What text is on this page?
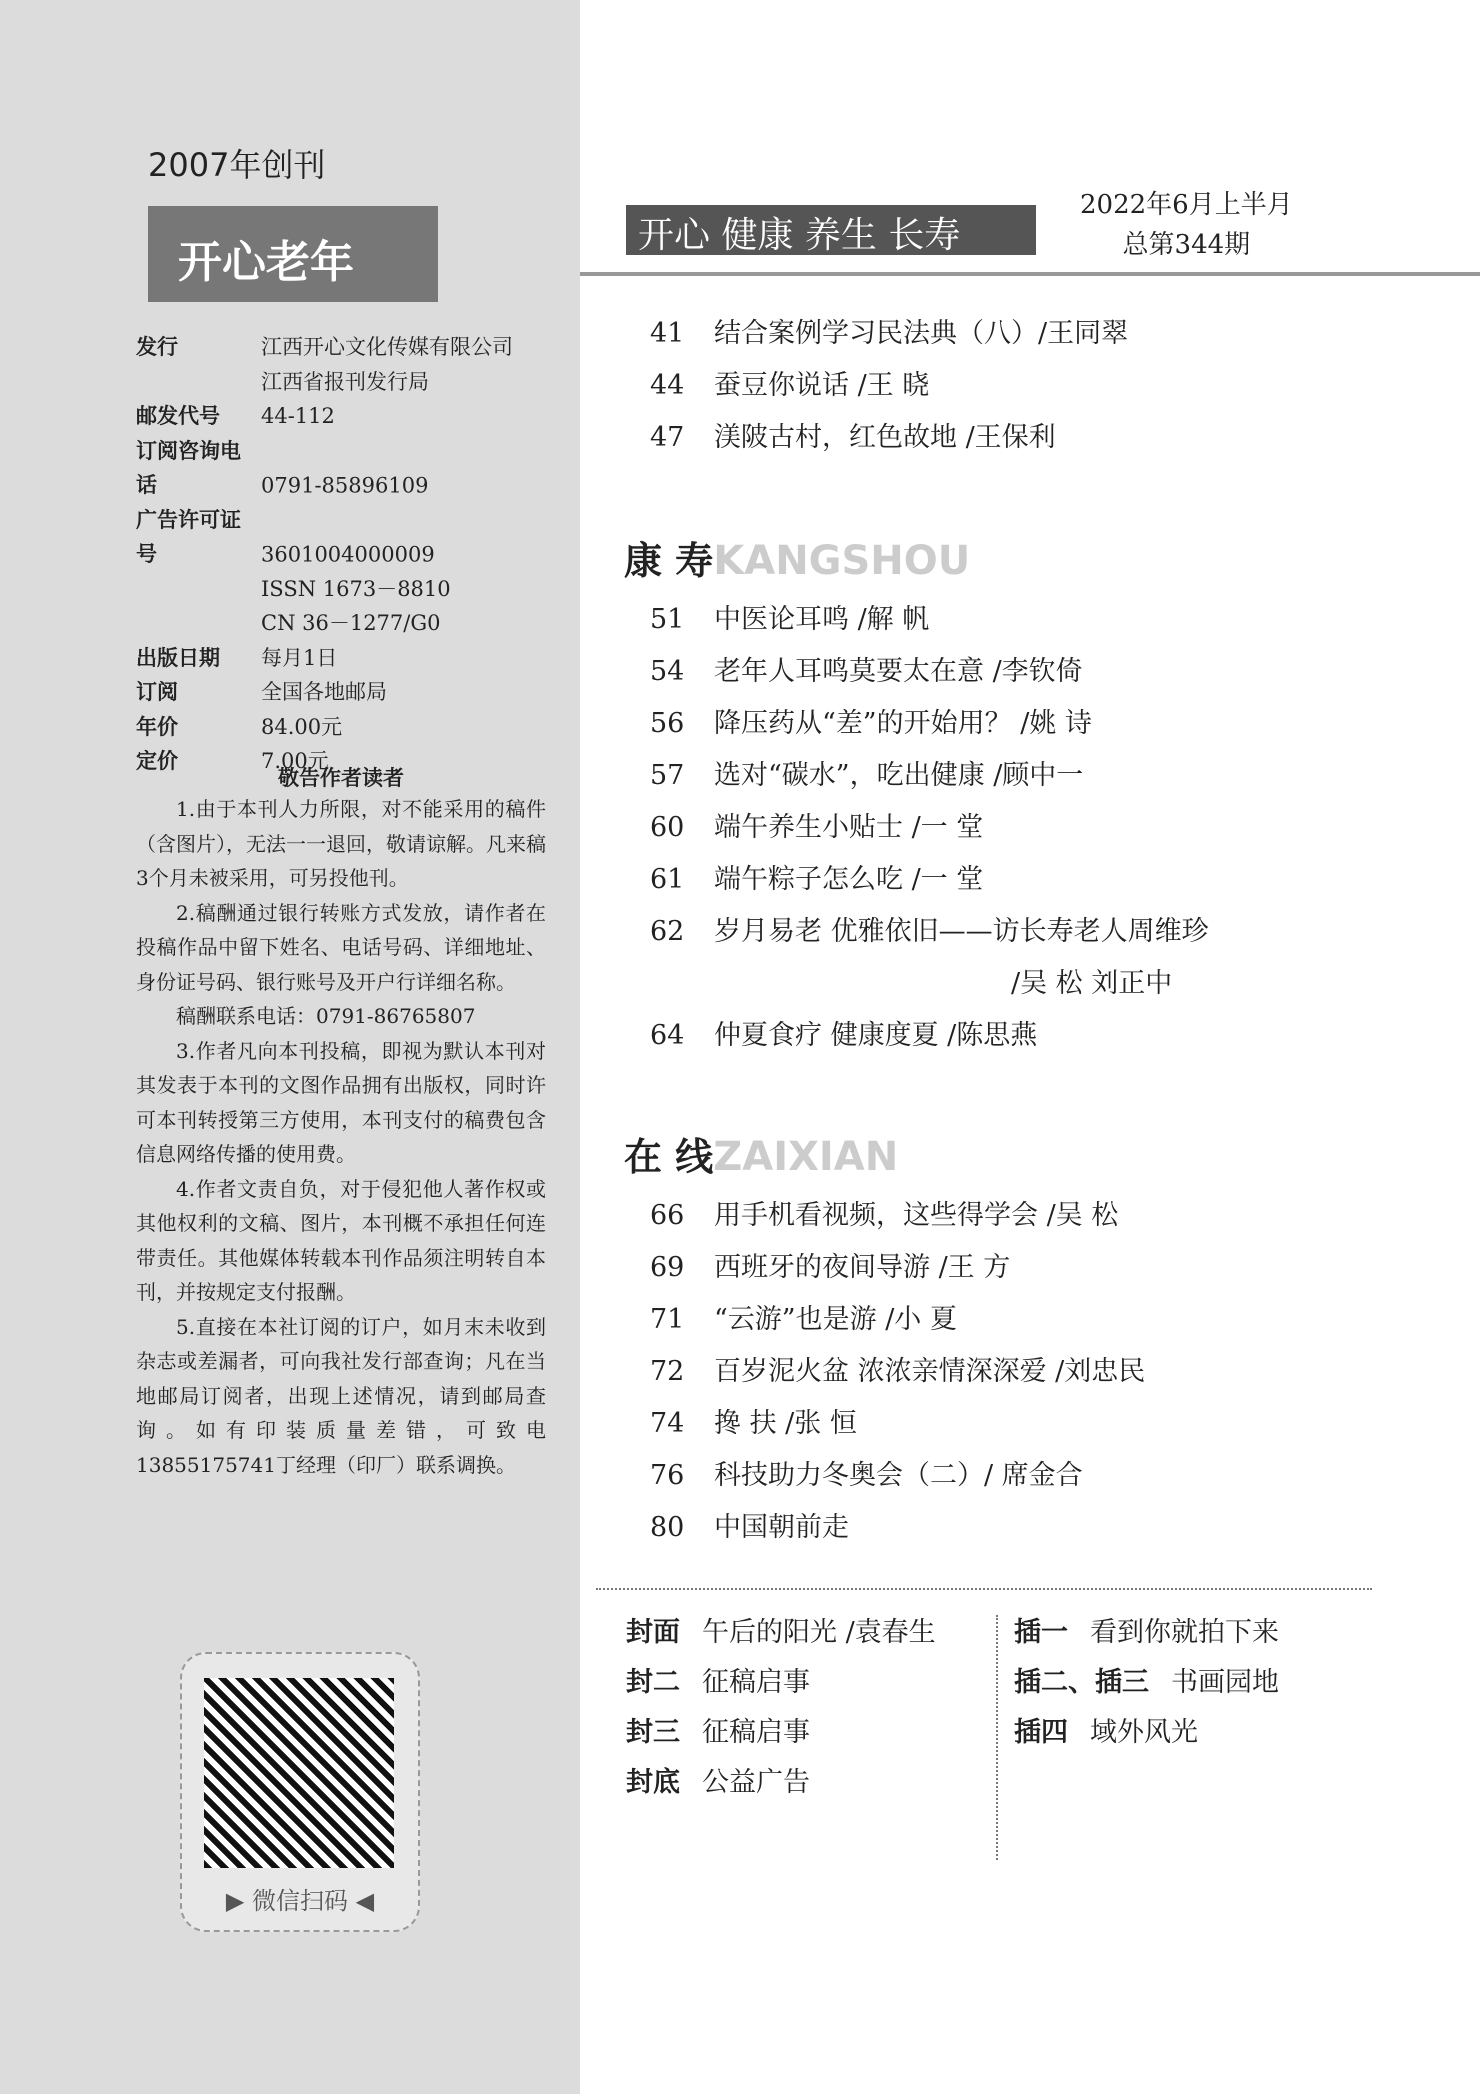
2007年创刊
开心老年
发行	江西开心文化传媒有限公司
江西省报刊发行局
邮发代号 44-112
订阅咨询电话	0791-85896109
广告许可证号	3601004000009
ISSN 1673－8810
CN 36－1277/G0
出版日期 每月1日
订阅	全国各地邮局
年价	84.00元
定价	7.00元
敬告作者读者

1.由于本刊人力所限，对不能采用的稿件（含图片），无法一一退回，敬请谅解。凡来稿3个月未被采用，可另投他刊。

2.稿酬通过银行转账方式发放，请作者在投稿作品中留下姓名、电话号码、详细地址、身份证号码、银行账号及开户行详细名称。

稿酬联系电话：0791-86765807

3.作者凡向本刊投稿，即视为默认本刊对其发表于本刊的文图作品拥有出版权，同时许可本刊转授第三方使用，本刊支付的稿费包含信息网络传播的使用费。

4.作者文责自负，对于侵犯他人著作权或其他权利的文稿、图片，本刊概不承担任何连带责任。其他媒体转载本刊作品须注明转自本刊，并按规定支付报酬。

5.直接在本社订阅的订户，如月末未收到杂志或差漏者，可向我社发行部查询；凡在当地邮局订阅者，出现上述情况，请到邮局查询。如有印装质量差错，可致电13855175741丁经理（印厂）联系调换。

▶ 微信扫码 ◀
开心 健康 养生 长寿
2022年6月上半月
总第344期
41 结合案例学习民法典（八）/王同翠
44 蚕豆你说话 /王 晓
47 渼陂古村，红色故地 /王保利
康 寿KANGSHOU
51 中医论耳鸣 /解 帆
54 老年人耳鸣莫要太在意 /李钦倚
56 降压药从“差”的开始用？ /姚 诗
57 选对“碳水”，吃出健康 /顾中一
60 端午养生小贴士 /一 堂
61 端午粽子怎么吃 /一 堂
62 岁月易老 优雅依旧——访长寿老人周维珍
　　　　　　　　　　　/吴 松 刘正中
64 仲夏食疗 健康度夏 /陈思燕
在 线ZAIXIAN
66 用手机看视频，这些得学会 /吴 松
69 西班牙的夜间导游 /王 方
71 “云游”也是游 /小 夏
72 百岁泥火盆 浓浓亲情深深爱 /刘忠民
74 搀 扶 /张 恒
76 科技助力冬奥会（二）/ 席金合
80 中国朝前走
封面 午后的阳光 /袁春生
封二 征稿启事
封三 征稿启事
封底 公益广告
插一 看到你就拍下来
插二、插三 书画园地
插四 域外风光
